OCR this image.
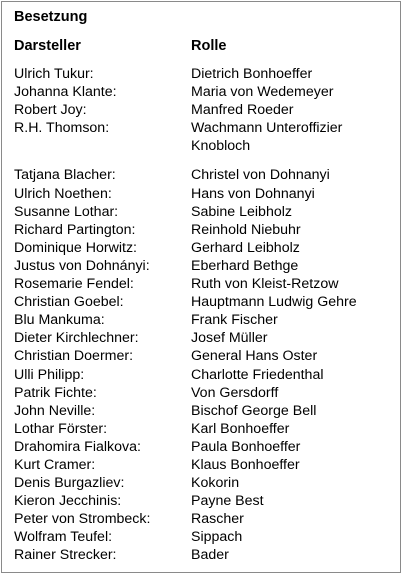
Besetzung
Darsteller	Rolle
Ulrich Tukur:	Dietrich Bonhoeffer
Johanna Klante:	Maria von Wedemeyer
Robert Joy:	Manfred Roeder
R.H. Thomson:	Wachmann Unteroffizier
Knobloch
Tatjana Blacher:	Christel von Dohnanyi
Ulrich Noethen:	Hans von Dohnanyi
Susanne Lothar:	Sabine Leibholz
Richard Partington:	Reinhold Niebuhr
Dominique Horwitz:	Gerhard Leibholz
Justus von Dohnányi:	Eberhard Bethge
Rosemarie Fendel:	Ruth von Kleist-Retzow
Christian Goebel:	Hauptmann Ludwig Gehre
Blu Mankuma:	Frank Fischer
Dieter Kirchlechner:	Josef Müller
Christian Doermer:	General Hans Oster
Ulli Philipp:	Charlotte Friedenthal
Patrik Fichte:	Von Gersdorff
John Neville:	Bischof George Bell
Lothar Förster:	Karl Bonhoeffer
Drahomira Fialkova:	Paula Bonhoeffer
Kurt Cramer:	Klaus Bonhoeffer
Denis Burgazliev:	Kokorin
Kieron Jecchinis:	Payne Best
Peter von Strombeck:	Rascher
Wolfram Teufel:	Sippach
Rainer Strecker:	Bader
